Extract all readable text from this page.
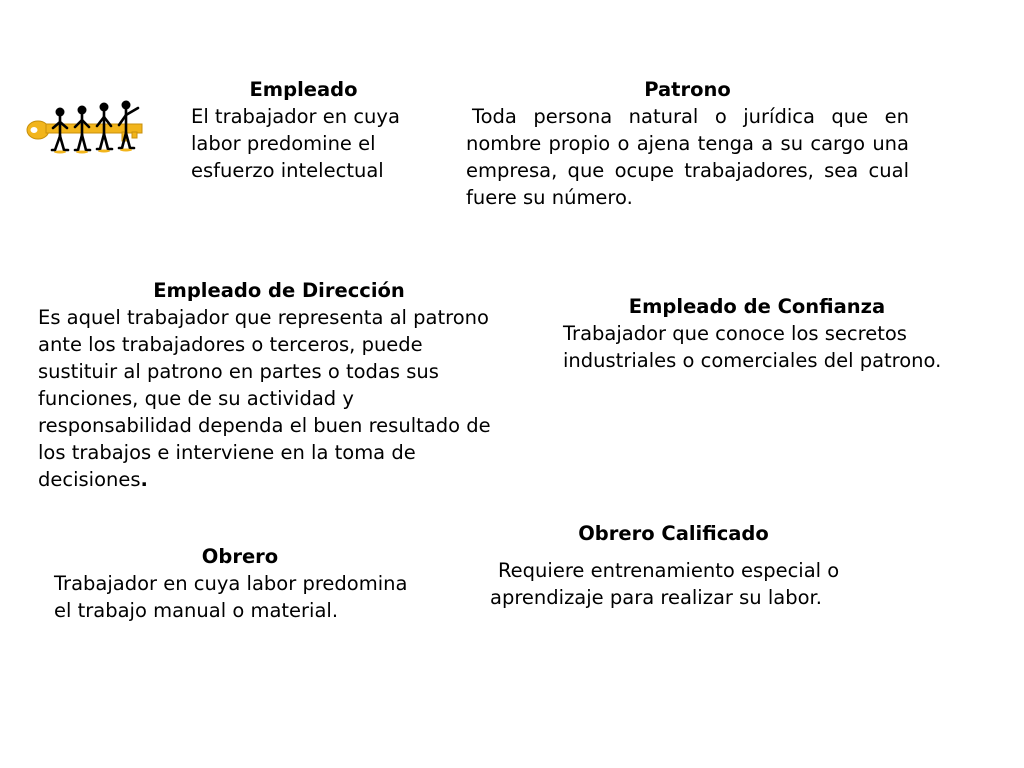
Empleado
El trabajador en cuya labor predomine el esfuerzo intelectual
Patrono
Toda persona natural o jurídica que en nombre propio o ajena tenga a su cargo una empresa, que ocupe trabajadores, sea cual fuere su número.
Empleado de Dirección
Es aquel trabajador que representa al patrono ante los trabajadores o terceros, puede sustituir al patrono en partes o todas sus funciones, que de su actividad y responsabilidad dependa el buen resultado de los trabajos e interviene en la toma de decisiones.
Empleado de Confianza
Trabajador que conoce los secretos industriales o comerciales del patrono.
Obrero Calificado
Requiere entrenamiento especial o aprendizaje para realizar su labor.
Obrero
Trabajador en cuya labor predomina el trabajo manual o material.
